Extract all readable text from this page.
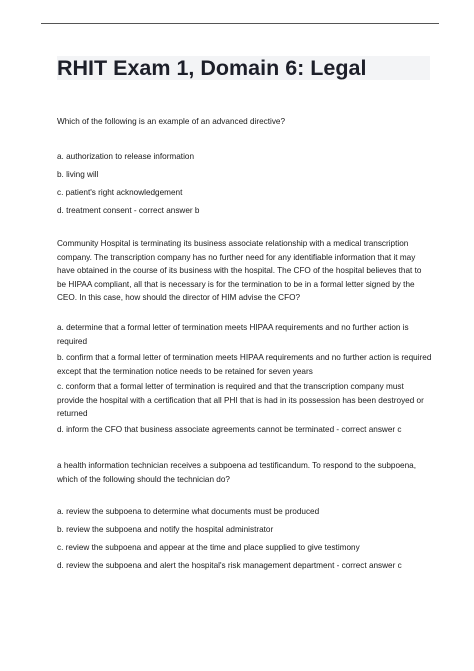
RHIT Exam 1, Domain 6: Legal

Which of the following is an example of an advanced directive?

a. authorization to release information

b. living will

c. patient's right acknowledgement

d. treatment consent - correct answer b

Community Hospital is terminating its business associate relationship with a medical transcription company. The transcription company has no further need for any identifiable information that it may have obtained in the course of its business with the hospital. The CFO of the hospital believes that to be HIPAA compliant, all that is necessary is for the termination to be in a formal letter signed by the CEO. In this case, how should the director of HIM advise the CFO?

a. determine that a formal letter of termination meets HIPAA requirements and no further action is required

b. confirm that a formal letter of termination meets HIPAA requirements and no further action is required except that the termination notice needs to be retained for seven years

c. conform that a formal letter of termination is required and that the transcription company must provide the hospital with a certification that all PHI that is had in its possession has been destroyed or returned

d. inform the CFO that business associate agreements cannot be terminated - correct answer c

a health information technician receives a subpoena ad testificandum. To respond to the subpoena, which of the following should the technician do?

a. review the subpoena to determine what documents must be produced

b. review the subpoena and notify the hospital administrator

c. review the subpoena and appear at the time and place supplied to give testimony

d. review the subpoena and alert the hospital's risk management department - correct answer c
